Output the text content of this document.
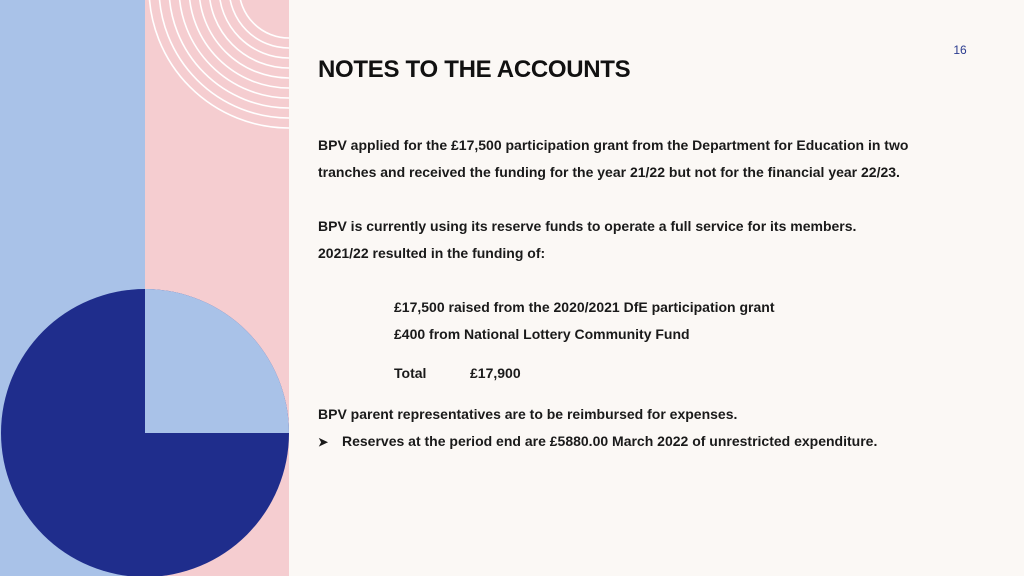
16
NOTES TO THE ACCOUNTS
BPV applied for the £17,500 participation grant from the Department for Education in two
tranches and received the funding for the year 21/22 but not for the financial year 22/23.
BPV is currently using its reserve funds to operate a full service for its members.
2021/22 resulted in the funding of:
£17,500 raised from the 2020/2021 DfE participation grant
£400 from National Lottery Community Fund
Total	£17,900
BPV parent representatives are to be reimbursed for expenses.
➤ Reserves at the period end are £5880.00 March 2022 of unrestricted expenditure.
